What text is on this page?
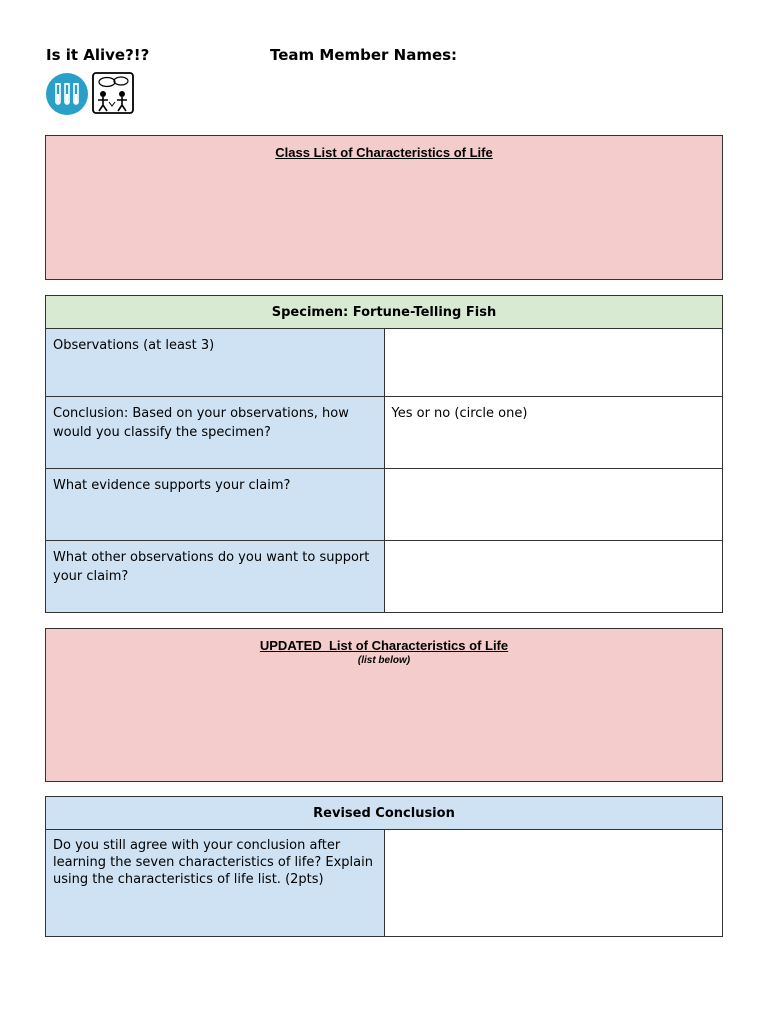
Is it Alive?!?	Team Member Names:
Class List of Characteristics of Life
Specimen: Fortune-Telling Fish	
Observations (at least 3)	
Conclusion: Based on your observations, how would you classify the specimen?	Yes or no (circle one)
What evidence supports your claim?	
What other observations do you want to support your claim?	
UPDATED  List of Characteristics of Life
(list below)
Revised Conclusion
Do you still agree with your conclusion after learning the seven characteristics of life? Explain using the characteristics of life list. (2pts)	
